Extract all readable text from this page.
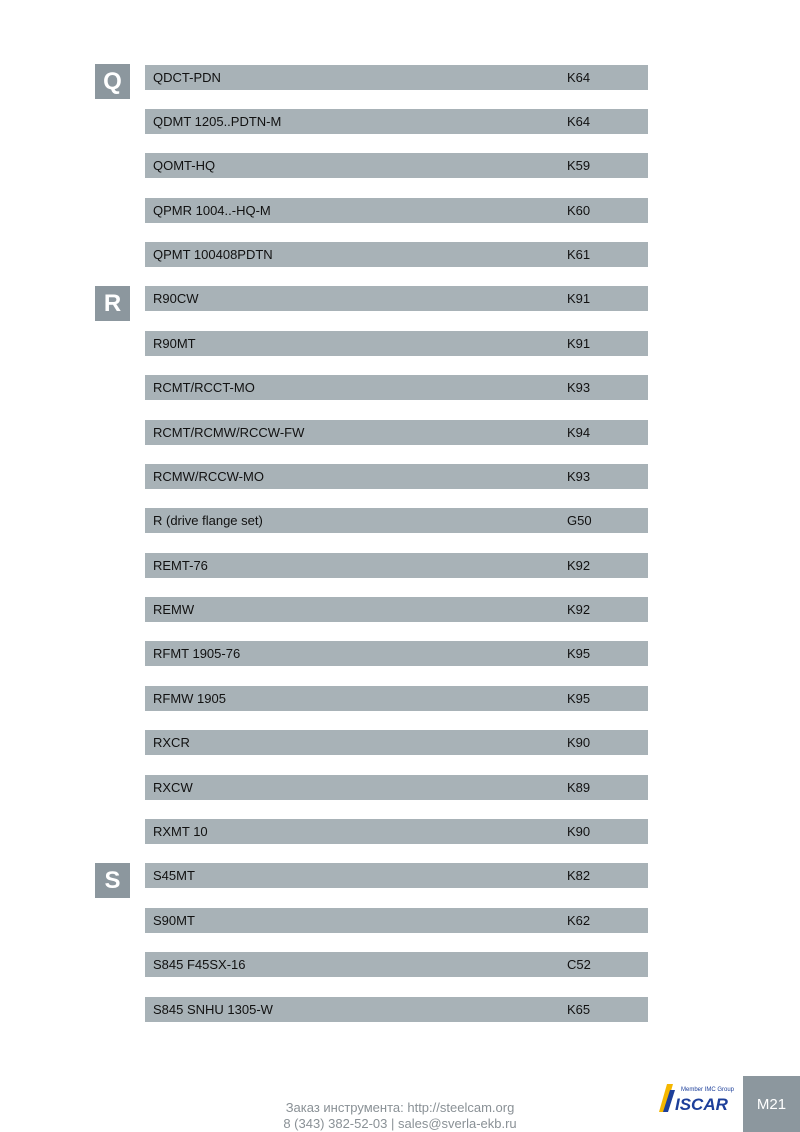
Q
R
S
QDCT-PDN	K64
QDMT 1205..PDTN-M	K64
QOMT-HQ	K59
QPMR 1004..-HQ-M	K60
QPMT 100408PDTN	K61
R90CW	K91
R90MT	K91
RCMT/RCCT-MO	K93
RCMT/RCMW/RCCW-FW	K94
RCMW/RCCW-MO	K93
R (drive flange set)	G50
REMT-76	K92
REMW	K92
RFMT 1905-76	K95
RFMW 1905	K95
RXCR	K90
RXCW	K89
RXMT 10	K90
S45MT	K82
S90MT	K62
S845 F45SX-16	C52
S845 SNHU 1305-W	K65
Заказ инструмента: http://steelcam.org
8 (343) 382-52-03 | sales@sverla-ekb.ru
Member IMC Group
ISCAR	M21
